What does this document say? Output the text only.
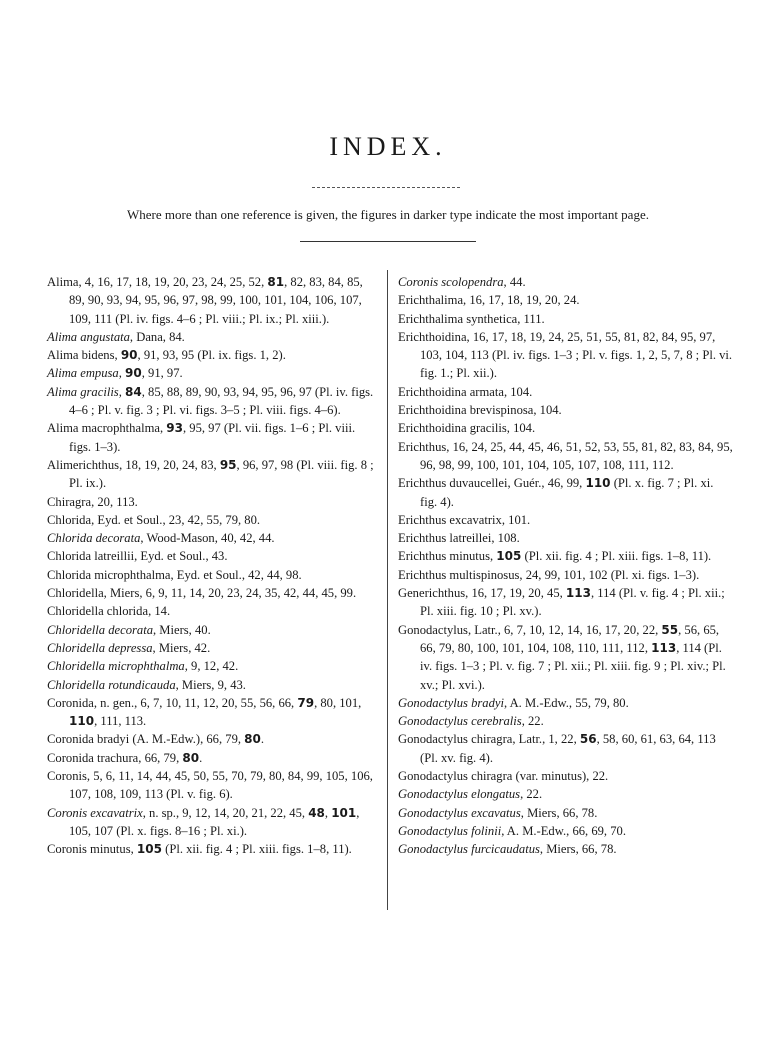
INDEX.
Where more than one reference is given, the figures in darker type indicate the most important page.
Alima, 4, 16, 17, 18, 19, 20, 23, 24, 25, 52, 81, 82, 83, 84, 85, 89, 90, 93, 94, 95, 96, 97, 98, 99, 100, 101, 104, 106, 107, 109, 111 (Pl. iv. figs. 4–6 ; Pl. viii.; Pl. ix.; Pl. xiii.).
Alima angustata, Dana, 84.
Alima bidens, 90, 91, 93, 95 (Pl. ix. figs. 1, 2).
Alima empusa, 90, 91, 97.
Alima gracilis, 84, 85, 88, 89, 90, 93, 94, 95, 96, 97 (Pl. iv. figs. 4–6 ; Pl. v. fig. 3 ; Pl. vi. figs. 3–5 ; Pl. viii. figs. 4–6).
Alima macrophthalma, 93, 95, 97 (Pl. vii. figs. 1–6 ; Pl. viii. figs. 1–3).
Alimerichthus, 18, 19, 20, 24, 83, 95, 96, 97, 98 (Pl. viii. fig. 8 ; Pl. ix.).
Chiragra, 20, 113.
Chlorida, Eyd. et Soul., 23, 42, 55, 79, 80.
Chlorida decorata, Wood-Mason, 40, 42, 44.
Chlorida latreillii, Eyd. et Soul., 43.
Chlorida microphthalma, Eyd. et Soul., 42, 44, 98.
Chloridella, Miers, 6, 9, 11, 14, 20, 23, 24, 35, 42, 44, 45, 99.
Chloridella chlorida, 14.
Chloridella decorata, Miers, 40.
Chloridella depressa, Miers, 42.
Chloridella microphthalma, 9, 12, 42.
Chloridella rotundicauda, Miers, 9, 43.
Coronida, n. gen., 6, 7, 10, 11, 12, 20, 55, 56, 66, 79, 80, 101, 110, 111, 113.
Coronida bradyi (A. M.-Edw.), 66, 79, 80.
Coronida trachura, 66, 79, 80.
Coronis, 5, 6, 11, 14, 44, 45, 50, 55, 70, 79, 80, 84, 99, 105, 106, 107, 108, 109, 113 (Pl. v. fig. 6).
Coronis excavatrix, n. sp., 9, 12, 14, 20, 21, 22, 45, 48, 101, 105, 107 (Pl. x. figs. 8–16 ; Pl. xi.).
Coronis minutus, 105 (Pl. xii. fig. 4 ; Pl. xiii. figs. 1–8, 11).
Coronis scolopendra, 44.
Erichthalima, 16, 17, 18, 19, 20, 24.
Erichthalima synthetica, 111.
Erichthoidina, 16, 17, 18, 19, 24, 25, 51, 55, 81, 82, 84, 95, 97, 103, 104, 113 (Pl. iv. figs. 1–3 ; Pl. v. figs. 1, 2, 5, 7, 8 ; Pl. vi. fig. 1.; Pl. xii.).
Erichthoidina armata, 104.
Erichthoidina brevispinosa, 104.
Erichthoidina gracilis, 104.
Erichthus, 16, 24, 25, 44, 45, 46, 51, 52, 53, 55, 81, 82, 83, 84, 95, 96, 98, 99, 100, 101, 104, 105, 107, 108, 111, 112.
Erichthus duvaucellei, Guér., 46, 99, 110 (Pl. x. fig. 7 ; Pl. xi. fig. 4).
Erichthus excavatrix, 101.
Erichthus latreillei, 108.
Erichthus minutus, 105 (Pl. xii. fig. 4 ; Pl. xiii. figs. 1–8, 11).
Erichthus multispinosus, 24, 99, 101, 102 (Pl. xi. figs. 1–3).
Generichthus, 16, 17, 19, 20, 45, 113, 114 (Pl. v. fig. 4 ; Pl. xii.; Pl. xiii. fig. 10 ; Pl. xv.).
Gonodactylus, Latr., 6, 7, 10, 12, 14, 16, 17, 20, 22, 55, 56, 65, 66, 79, 80, 100, 101, 104, 108, 110, 111, 112, 113, 114 (Pl. iv. figs. 1–3 ; Pl. v. fig. 7 ; Pl. xii.; Pl. xiii. fig. 9 ; Pl. xiv.; Pl. xv.; Pl. xvi.).
Gonodactylus bradyi, A. M.-Edw., 55, 79, 80.
Gonodactylus cerebralis, 22.
Gonodactylus chiragra, Latr., 1, 22, 56, 58, 60, 61, 63, 64, 113 (Pl. xv. fig. 4).
Gonodactylus chiragra (var. minutus), 22.
Gonodactylus elongatus, 22.
Gonodactylus excavatus, Miers, 66, 78.
Gonodactylus folinii, A. M.-Edw., 66, 69, 70.
Gonodactylus furcicaudatus, Miers, 66, 78.
